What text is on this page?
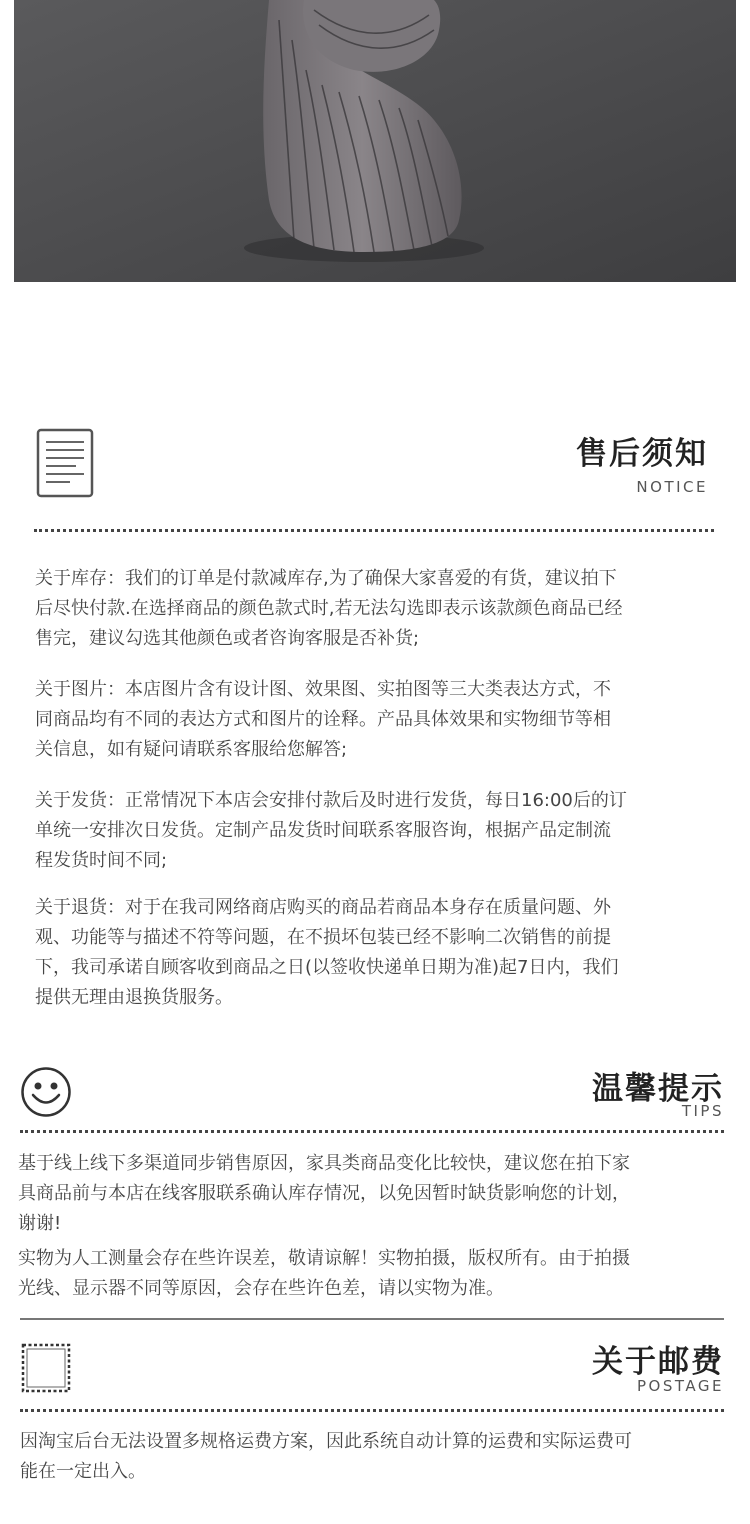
售后须知
NOTICE
关于库存：我们的订单是付款减库存,为了确保大家喜爱的有货，建议拍下
后尽快付款.在选择商品的颜色款式时,若无法勾选即表示该款颜色商品已经
售完，建议勾选其他颜色或者咨询客服是否补货;
关于图片：本店图片含有设计图、效果图、实拍图等三大类表达方式，不
同商品均有不同的表达方式和图片的诠释。产品具体效果和实物细节等相
关信息，如有疑问请联系客服给您解答;
关于发货：正常情况下本店会安排付款后及时进行发货，每日16:00后的订
单统一安排次日发货。定制产品发货时间联系客服咨询，根据产品定制流
程发货时间不同;
关于退货：对于在我司网络商店购买的商品若商品本身存在质量问题、外
观、功能等与描述不符等问题，在不损坏包装已经不影响二次销售的前提
下，我司承诺自顾客收到商品之日(以签收快递单日期为准)起7日内，我们
提供无理由退换货服务。
温馨提示
TIPS
基于线上线下多渠道同步销售原因，家具类商品变化比较快，建议您在拍下家
具商品前与本店在线客服联系确认库存情况，以免因暂时缺货影响您的计划，
谢谢!
实物为人工测量会存在些许误差，敬请谅解！实物拍摄，版权所有。由于拍摄
光线、显示器不同等原因，会存在些许色差，请以实物为准。
关于邮费
POSTAGE
因淘宝后台无法设置多规格运费方案，因此系统自动计算的运费和实际运费可
能在一定出入。
